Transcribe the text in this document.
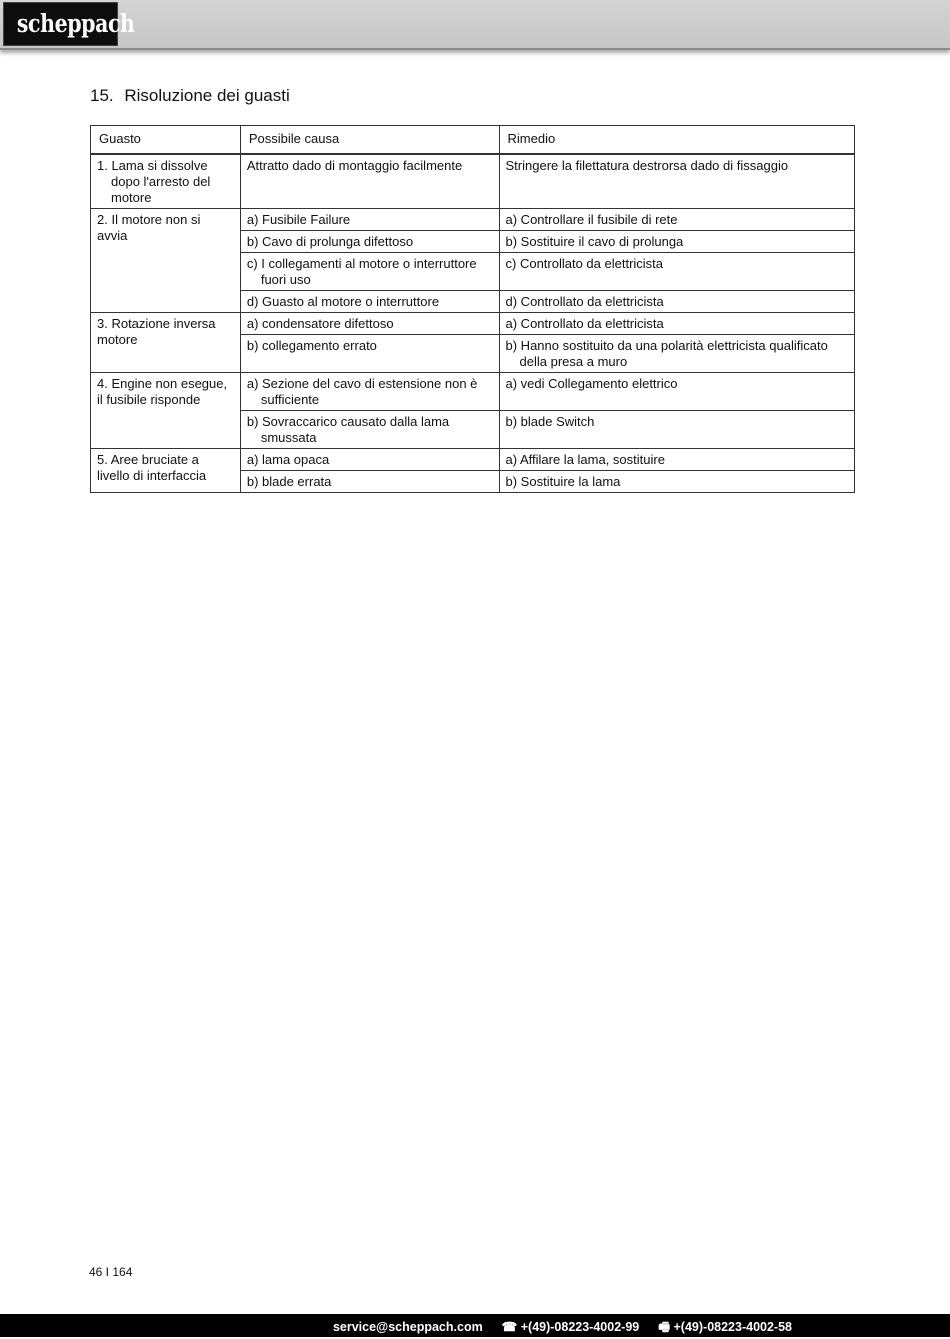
scheppach
15. Risoluzione dei guasti
Guasto	Possibile causa	Rimedio
1. Lama si dissolve dopo l'arresto del motore	Attratto dado di montaggio facilmente	Stringere la filettatura destrorsa dado di fissaggio
2. Il motore non si avvia	a) Fusibile Failure	a) Controllare il fusibile di rete
	b) Cavo di prolunga difettoso	b) Sostituire il cavo di prolunga
	c) I collegamenti al motore o interruttore fuori uso	c) Controllato da elettricista
	d) Guasto al motore o interruttore	d) Controllato da elettricista
3. Rotazione inversa motore	a) condensatore difettoso	a) Controllato da elettricista
	b) collegamento errato	b) Hanno sostituito da una polarità elettricista qualificato della presa a muro
4. Engine non esegue, il fusibile risponde	a) Sezione del cavo di estensione non è sufficiente	a) vedi Collegamento elettrico
	b) Sovraccarico causato dalla lama smussata	b) blade Switch
5. Aree bruciate a livello di interfaccia	a) lama opaca	a) Affilare la lama, sostituire
	b) blade errata	b) Sostituire la lama
46 I 164
service@scheppach.com ☎ +(49)-08223-4002-99 🖷 +(49)-08223-4002-58
